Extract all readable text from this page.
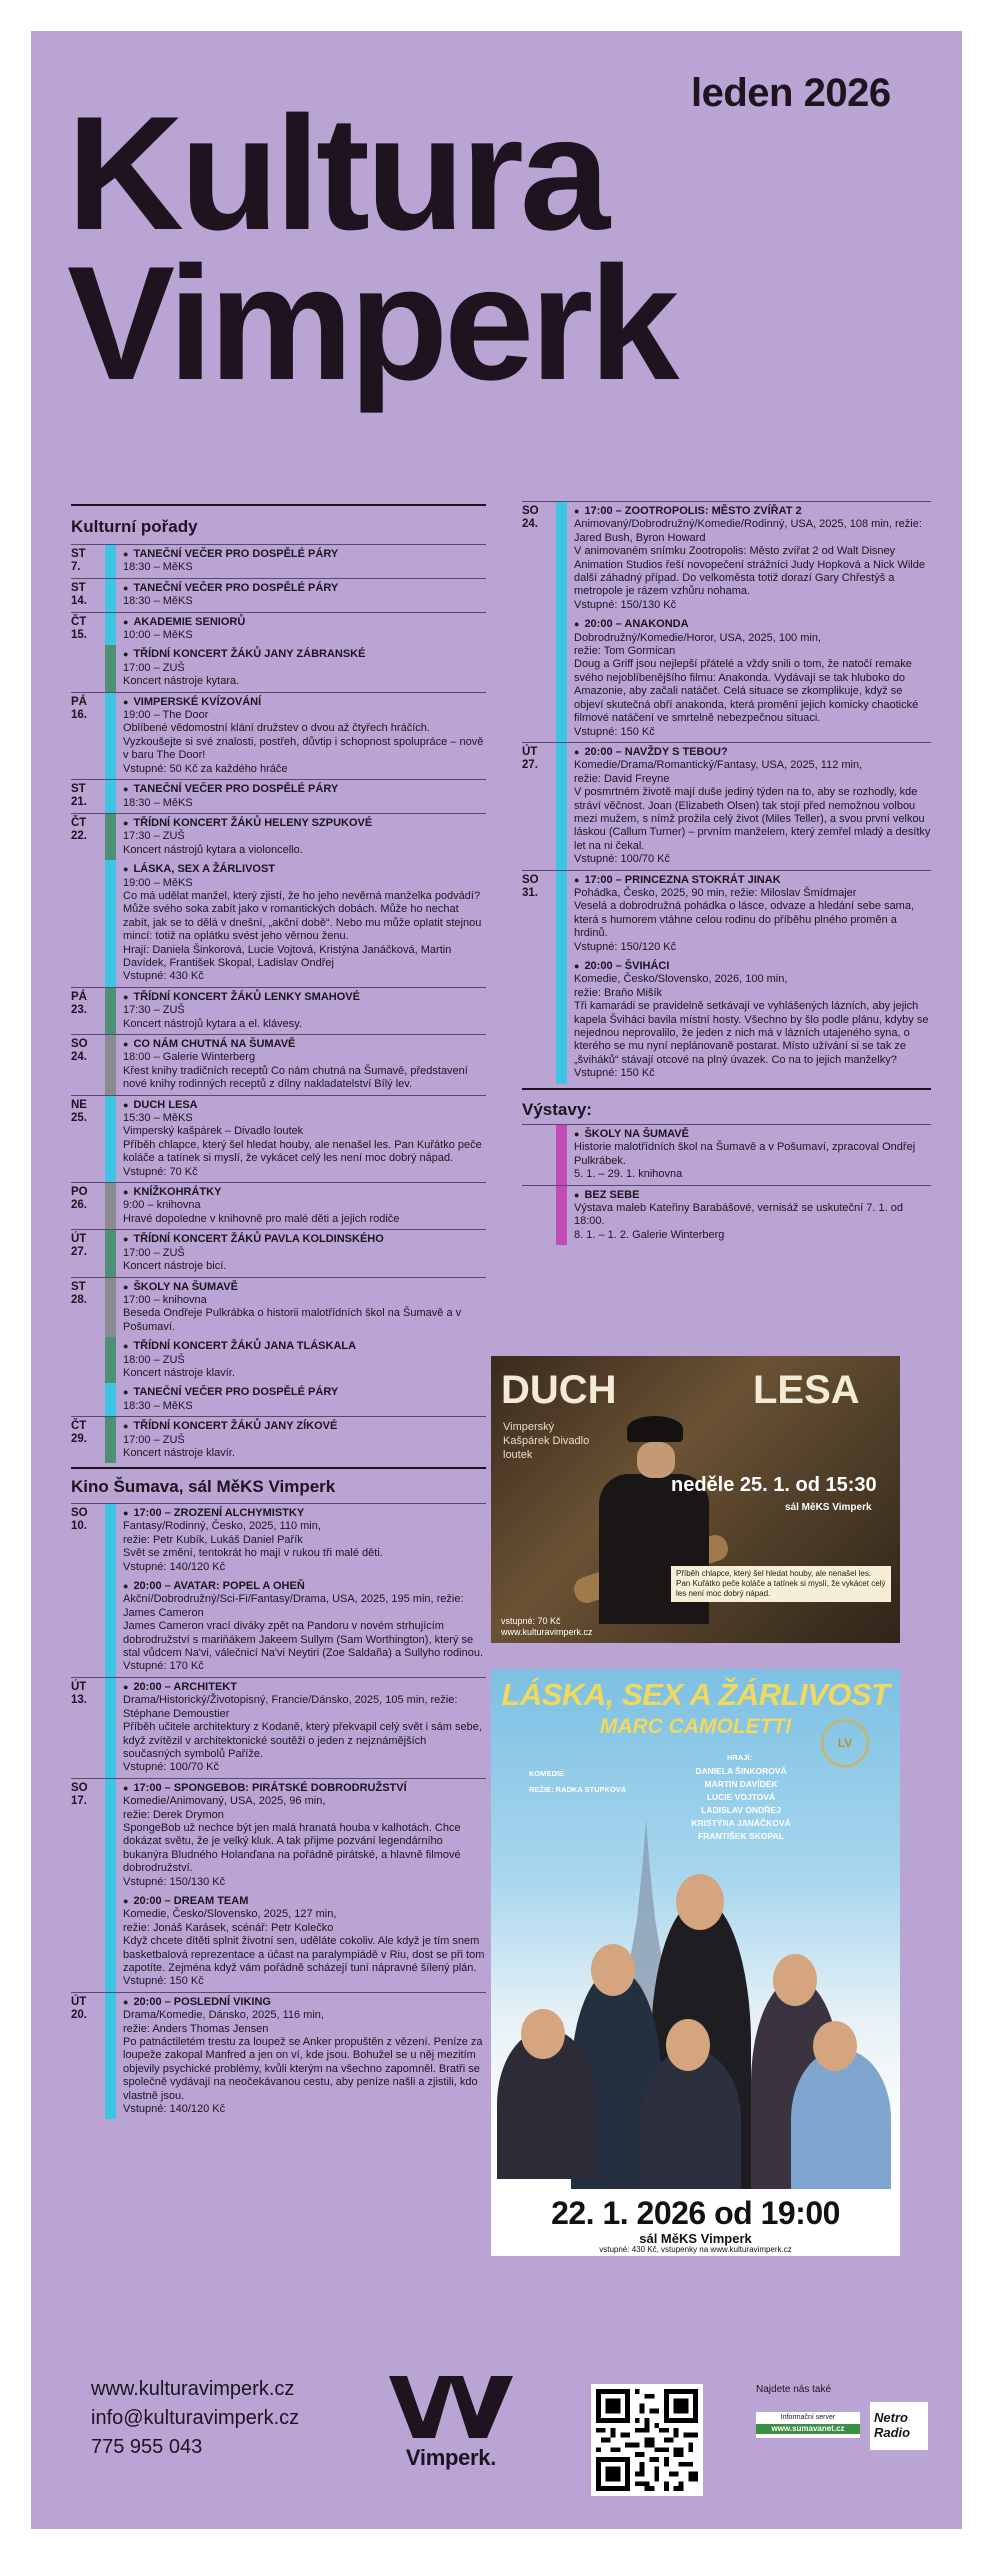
leden 2026
Kultura
Vimperk
Kulturní pořady
ST
7.
● TANEČNÍ VEČER PRO DOSPĚLÉ PÁRY
18:30 – MěKS
ST
14.
● TANEČNÍ VEČER PRO DOSPĚLÉ PÁRY
18:30 – MěKS
ČT
15.
● AKADEMIE SENIORŮ
10:00 – MěKS
● TŘÍDNÍ KONCERT ŽÁKŮ JANY ZÁBRANSKÉ
17:00 – ZUŠ
Koncert nástroje kytara.
PÁ
16.
● VIMPERSKÉ KVÍZOVÁNÍ
19:00 – The Door
Oblíbené vědomostní klání družstev o dvou až čtyřech hráčích. Vyzkoušejte si své znalosti, postřeh, důvtip i schopnost spolupráce – nově v baru The Door!
Vstupné: 50 Kč za každého hráče
ST
21.
● TANEČNÍ VEČER PRO DOSPĚLÉ PÁRY
18:30 – MěKS
ČT
22.
● TŘÍDNÍ KONCERT ŽÁKŮ HELENY SZPUKOVÉ
17:30 – ZUŠ
Koncert nástrojů kytara a violoncello.
● LÁSKA, SEX A ŽÁRLIVOST
19:00 – MěKS
Co má udělat manžel, který zjistí, že ho jeho nevěrná manželka podvádí? Může svého soka zabít jako v romantických dobách. Může ho nechat zabít, jak se to dělá v dnešní, „akční době“. Nebo mu může oplatit stejnou mincí: totiž na oplátku svést jeho věrnou ženu.
Hrají: Daniela Šinkorová, Lucie Vojtová, Kristýna Janáčková, Martin Davídek, František Skopal, Ladislav Ondřej
Vstupné: 430 Kč
PÁ
23.
● TŘÍDNÍ KONCERT ŽÁKŮ LENKY SMAHOVÉ
17:30 – ZUŠ
Koncert nástrojů kytara a el. klávesy.
SO
24.
● CO NÁM CHUTNÁ NA ŠUMAVĚ
18:00 – Galerie Winterberg
Křest knihy tradičních receptů Co nám chutná na Šumavě, představení nové knihy rodinných receptů z dílny nakladatelství Bílý lev.
NE
25.
● DUCH LESA
15:30 – MěKS
Vimperský kašpárek – Divadlo loutek
Příběh chlapce, který šel hledat houby, ale nenašel les. Pan Kuřátko peče koláče a tatínek si myslí, že vykácet celý les není moc dobrý nápad.
Vstupné: 70 Kč
PO
26.
● KNÍŽKOHRÁTKY
9:00 – knihovna
Hravé dopoledne v knihovně pro malé děti a jejich rodiče
ÚT
27.
● TŘÍDNÍ KONCERT ŽÁKŮ PAVLA KOLDINSKÉHO
17:00 – ZUŠ
Koncert nástroje bicí.
ST
28.
● ŠKOLY NA ŠUMAVĚ
17:00 – knihovna
Beseda Ondřeje Pulkrábka o historii malotřídních škol na Šumavě a v Pošumaví.
● TŘÍDNÍ KONCERT ŽÁKŮ JANA TLÁSKALA
18:00 – ZUŠ
Koncert nástroje klavír.
● TANEČNÍ VEČER PRO DOSPĚLÉ PÁRY
18:30 – MěKS
ČT
29.
● TŘÍDNÍ KONCERT ŽÁKŮ JANY ZÍKOVÉ
17:00 – ZUŠ
Koncert nástroje klavír.
Kino Šumava, sál MěKS Vimperk
SO
10.
● 17:00 – ZROZENÍ ALCHYMISTKY
Fantasy/Rodinný, Česko, 2025, 110 min,
režie: Petr Kubík, Lukáš Daniel Pařík
Svět se změní, tentokrát ho mají v rukou tři malé děti.
Vstupné: 140/120 Kč
● 20:00 – AVATAR: POPEL A OHEŇ
Akční/Dobrodružný/Sci-Fi/Fantasy/Drama, USA, 2025, 195 min, režie: James Cameron
James Cameron vrací diváky zpět na Pandoru v novém strhujícím dobrodružství s mariňákem Jakeem Sullym (Sam Worthington), který se stal vůdcem Na'vi, válečnicí Na'vi Neytiri (Zoe Saldaña) a Sullyho rodinou.
Vstupné: 170 Kč
ÚT
13.
● 20:00 – ARCHITEKT
Drama/Historický/Životopisný, Francie/Dánsko, 2025, 105 min, režie: Stéphane Demoustier
Příběh učitele architektury z Kodaně, který překvapil celý svět i sám sebe, když zvítězil v architektonické soutěži o jeden z nejznámějších současných symbolů Paříže.
Vstupné: 100/70 Kč
SO
17.
● 17:00 – SPONGEBOB: PIRÁTSKÉ DOBRODRUŽSTVÍ
Komedie/Animovaný, USA, 2025, 96 min,
režie: Derek Drymon
SpongeBob už nechce být jen malá hranatá houba v kalhotách. Chce dokázat světu, že je velký kluk. A tak přijme pozvání legendárního bukanýra Bludného Holanďana na pořádně pirátské, a hlavně filmové dobrodružství.
Vstupné: 150/130 Kč
● 20:00 – DREAM TEAM
Komedie, Česko/Slovensko, 2025, 127 min,
režie: Jonáš Karásek, scénář: Petr Kolečko
Když chcete dítěti splnit životní sen, uděláte cokoliv. Ale když je tím snem basketbalová reprezentace a účast na paralympiádě v Riu, dost se při tom zapotíte. Zejména když vám pořádně scházejí tuní nápravné šílený plán.
Vstupné: 150 Kč
ÚT
20.
● 20:00 – POSLEDNÍ VIKING
Drama/Komedie, Dánsko, 2025, 116 min,
režie: Anders Thomas Jensen
Po patnáctiletém trestu za loupež se Anker propuštěn z vězení. Peníze za loupeže zakopal Manfred a jen on ví, kde jsou. Bohužel se u něj mezitím objevily psychické problémy, kvůli kterým na všechno zapomněl. Bratři se společně vydávají na neočekávanou cestu, aby peníze našli a zjistili, kdo vlastně jsou.
Vstupné: 140/120 Kč
SO
24.
● 17:00 – ZOOTROPOLIS: MĚSTO ZVÍŘAT 2
Animovaný/Dobrodružný/Komedie/Rodinný, USA, 2025, 108 min, režie: Jared Bush, Byron Howard
V animovaném snímku Zootropolis: Město zvířat 2 od Walt Disney Animation Studios řeší novopečení strážníci Judy Hopková a Nick Wilde další záhadný případ. Do velkoměsta totiž dorazí Gary Chřestýš a metropole je rázem vzhůru nohama.
Vstupné: 150/130 Kč
● 20:00 – ANAKONDA
Dobrodružný/Komedie/Horor, USA, 2025, 100 min,
režie: Tom Gormican
Doug a Griff jsou nejlepší přátelé a vždy snili o tom, že natočí remake svého nejoblíbenějšího filmu: Anakonda. Vydávají se tak hluboko do Amazonie, aby začali natáčet. Celá situace se zkomplikuje, když se objeví skutečná obří anakonda, která promění jejich komicky chaotické filmové natáčení ve smrtelně nebezpečnou situaci.
Vstupné: 150 Kč
ÚT
27.
● 20:00 – NAVŽDY S TEBOU?
Komedie/Drama/Romantický/Fantasy, USA, 2025, 112 min,
režie: David Freyne
V posmrtném životě mají duše jediný týden na to, aby se rozhodly, kde stráví věčnost. Joan (Elizabeth Olsen) tak stojí před nemožnou volbou mezi mužem, s nímž prožila celý život (Miles Teller), a svou první velkou láskou (Callum Turner) – prvním manželem, který zemřel mladý a desítky let na ni čekal.
Vstupné: 100/70 Kč
SO
31.
● 17:00 – PRINCEZNA STOKRÁT JINAK
Pohádka, Česko, 2025, 90 min, režie: Miloslav Šmídmajer
Veselá a dobrodružná pohádka o lásce, odvaze a hledání sebe sama, která s humorem vtáhne celou rodinu do příběhu plného proměn a hrdinů.
Vstupné: 150/120 Kč
● 20:00 – ŠVIHÁCI
Komedie, Česko/Slovensko, 2026, 100 min,
režie: Braňo Mišík
Tři kamarádi se pravidelně setkávají ve vyhlášených lázních, aby jejich kapela Šviháci bavila místní hosty. Všechno by šlo podle plánu, kdyby se nejednou neprovalilo, že jeden z nich má v lázních utajeného syna, o kterého se mu nyní neplánovaně postarat. Místo užívání si se tak ze „šviháků“ stávají otcové na plný úvazek. Co na to jejich manželky?
Vstupné: 150 Kč
Výstavy:
● ŠKOLY NA ŠUMAVĚ
Historie malotřídních škol na Šumavě a v Pošumaví, zpracoval Ondřej Pulkrábek.
5. 1. – 29. 1. knihovna
● BEZ SEBE
Výstava maleb Kateřiny Barabášové, vernisáž se uskuteční 7. 1. od 18:00.
8. 1. – 1. 2. Galerie Winterberg
DUCH	LESA
Vimperský Kašpárek Divadlo loutek
neděle 25. 1. od 15:30
sál MěKS Vimperk
Příběh chlapce, který šel hledat houby, ale nenašel les. Pan Kuřátko peče koláče a tatínek si myslí, že vykácet celý les není moc dobrý nápad.
vstupné: 70 Kč
www.kulturavimperk.cz
LÁSKA, SEX A ŽÁRLIVOST
MARC CAMOLETTI
LV
KOMEDIE
REŽIE: RADKA STUPKOVÁ
HRAJÍ:
DANIELA ŠINKOROVÁ
MARTIN DAVÍDEK
LUCIE VOJTOVÁ
LADISLAV ONDŘEJ
KRISTÝNA JANÁČKOVÁ
FRANTIŠEK SKOPAL
22. 1. 2026 od 19:00
sál MěKS Vimperk
vstupné: 430 Kč, vstupenky na www.kulturavimperk.cz
www.kulturavimperk.cz
info@kulturavimperk.cz
775 955 043	Vimperk.
Najdete nás také
Informační server
www.sumavanet.cz
Netro Radio
